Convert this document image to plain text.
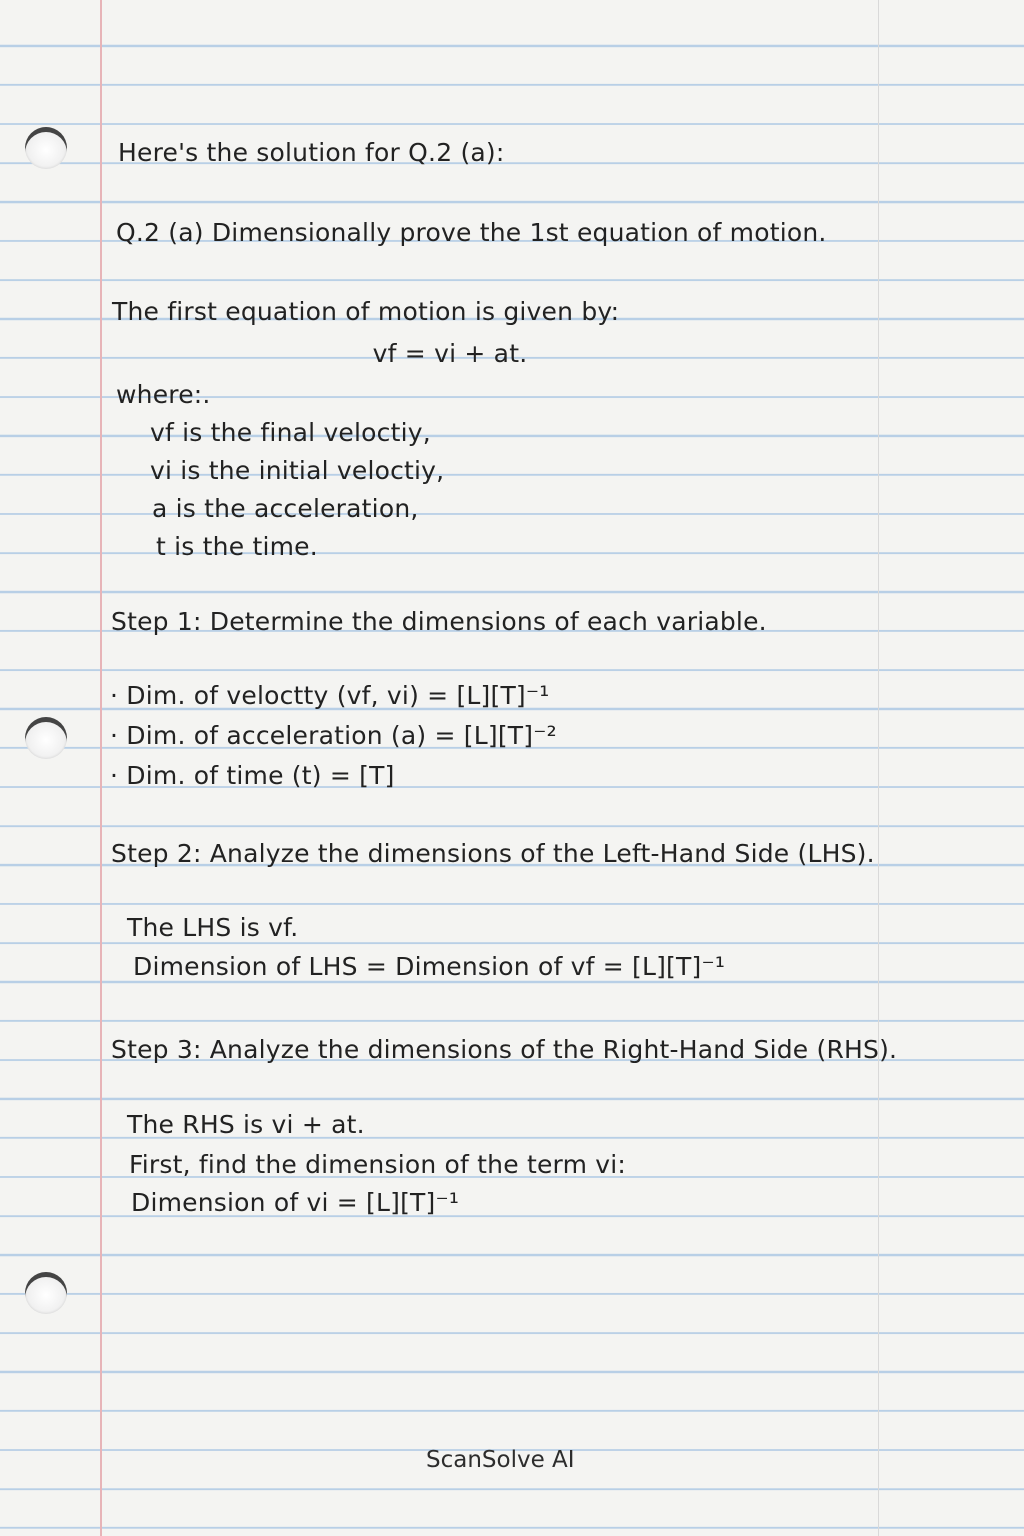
Here's the solution for Q.2 (a):

Q.2 (a) Dimensionally prove the 1st equation of motion.

The first equation of motion is given by:

vf = vi + at.

where:.

vf is the final veloctiy,

vi is the initial veloctiy,

a is the acceleration,

t is the time.

Step 1: Determine the dimensions of each variable.

· Dim. of veloctty (vf, vi) = [L][T]⁻¹

· Dim. of acceleration (a) = [L][T]⁻²

· Dim. of time (t) = [T]

Step 2: Analyze the dimensions of the Left-Hand Side (LHS).

The LHS is vf.

Dimension of LHS = Dimension of vf = [L][T]⁻¹

Step 3: Analyze the dimensions of the Right-Hand Side (RHS).

The RHS is vi + at.

First, find the dimension of the term vi:

Dimension of vi = [L][T]⁻¹

ScanSolve AI
